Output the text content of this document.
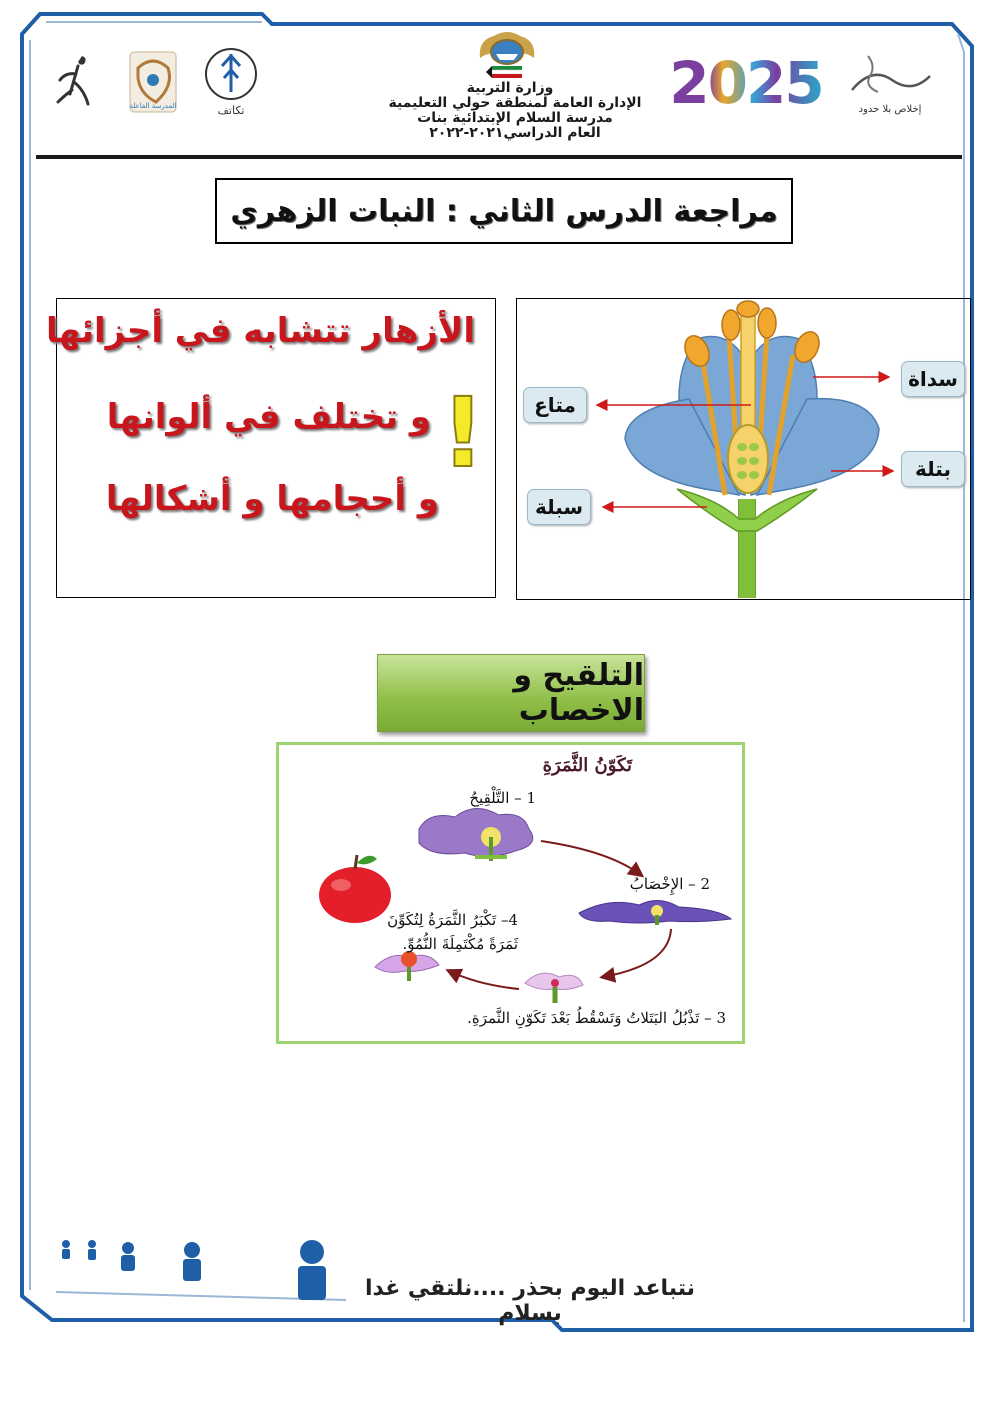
المدرسة الفاعلة	تكاتف
وزارة التربية
الإدارة العامة لمنطقة حولي التعليمية
مدرسة السلام الإبتدائية بنات
العام الدراسي٢٠٢١-٢٠٢٢
2025	إخلاص بلا حدود
مراجعة الدرس الثاني : النبات الزهري
الأزهار تتشابه في أجزائها
و تختلف في ألوانها
و أحجامها و أشكالها
!	سداة
بتلة
متاع
سبلة
التلقيح و الاخصاب
تَكَوّنُ الثَّمَرَةِ
1 – التَّلْقِيحُ
2 – الإِخْصَابُ
4– تَكْبَرُ الثَّمَرَةُ لِتُكَوِّنَ
ثَمَرَةً مُكْتَمِلَةَ النُّمُوِّ.
3 – تَذْبُلُ البَتَلاتُ وَتَسْقُطُ بَعْدَ تَكَوّنِ الثَّمرَةِ.
نتباعد اليوم بحذر ....نلتقي غدا بسلام
